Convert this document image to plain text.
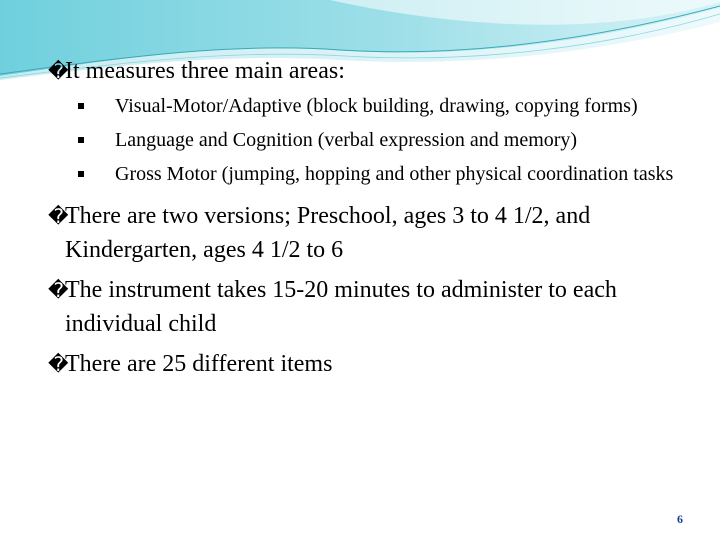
�
It measures three main areas:

Visual-Motor/Adaptive (block building, drawing, copying forms)

Language and Cognition (verbal expression and memory)

Gross Motor (jumping, hopping and other physical coordination tasks

�
There are two versions; Preschool, ages 3 to 4 1/2, and Kindergarten, ages 4 1/2 to 6

�
The instrument takes 15-20 minutes to administer to each individual child

�
There are 25 different items

6
